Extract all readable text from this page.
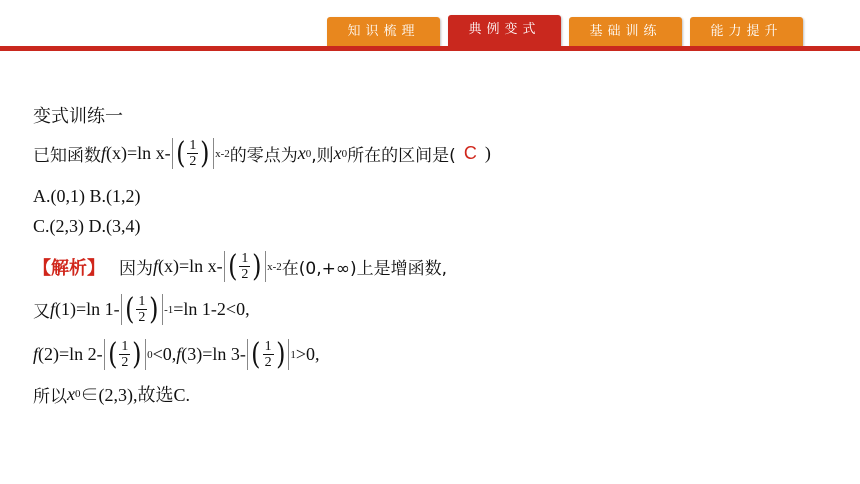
知识梳理	典例变式	基础训练	能力提升
变式训练一
已知函数 f (x)=ln x- ( $\frac{1}{2}$ ) x-2 的零点为 x 0 ,则 x 0 所在的区间是( C )
A.(0,1) B.(1,2)
C.(2,3) D.(3,4)
【解析】 因为 f (x)=ln x- ( $\frac{1}{2}$ ) x-2 在(0,+∞)上是增函数,
又 f (1)=ln 1- ( $\frac{1}{2}$ ) -1 =ln 1-2<0,
f (2)=ln 2- ( $\frac{1}{2}$ ) 0 <0, f (3)=ln 3- ( $\frac{1}{2}$ ) 1 >0,
所以 x 0 ∈(2,3),故选C.
